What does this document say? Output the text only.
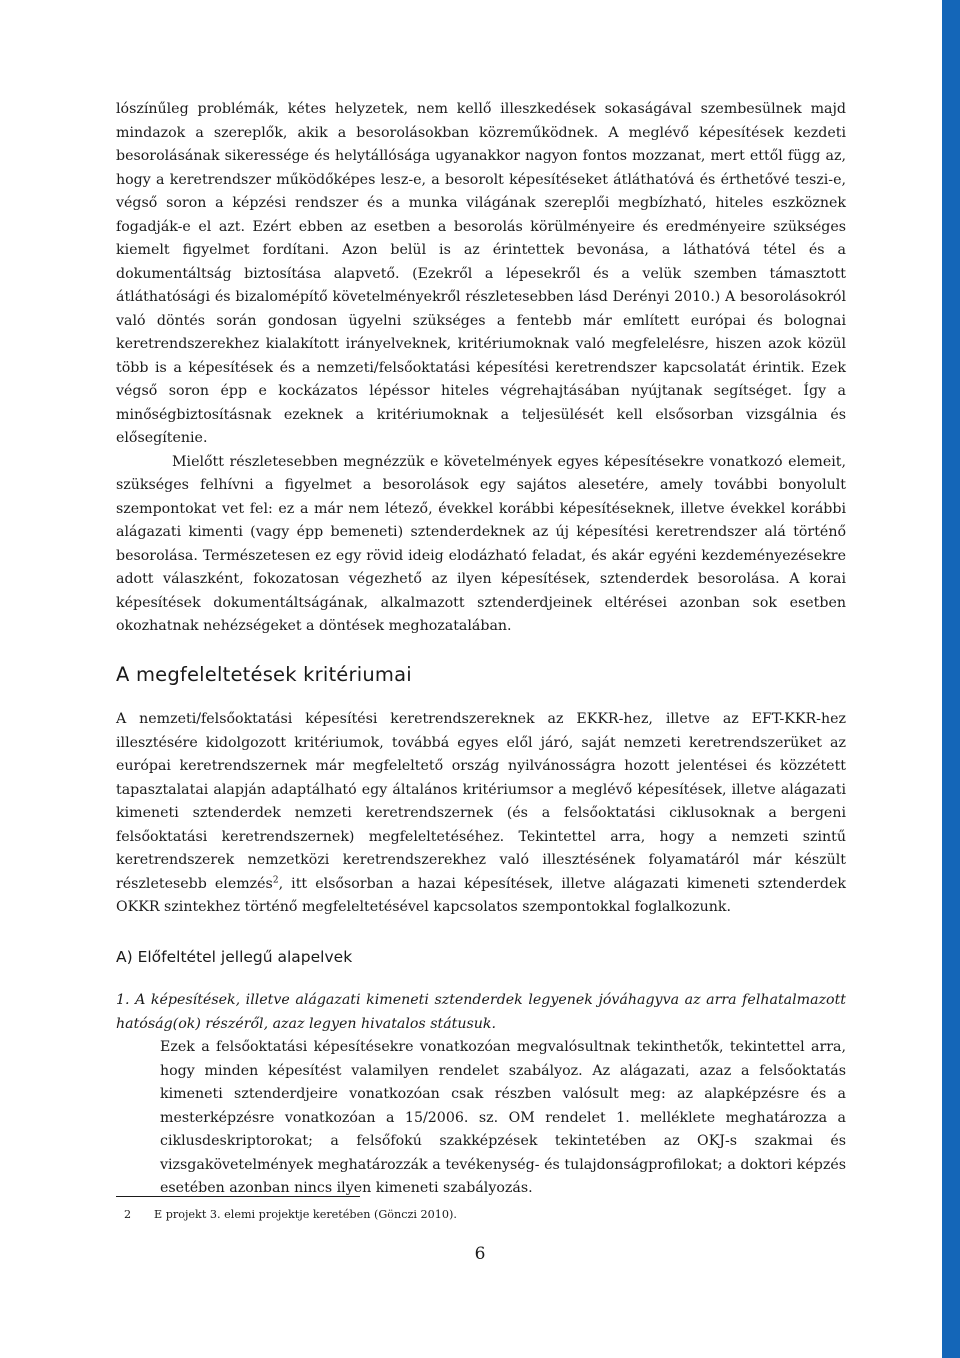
lószínűleg problémák, kétes helyzetek, nem kellő illeszkedések sokaságával szembesülnek majd mindazok a szereplők, akik a besorolásokban közreműködnek. A meglévő képesítések kezdeti besorolásának sikeressége és helytállósága ugyanakkor nagyon fontos mozzanat, mert ettől függ az, hogy a keretrendszer működőképes lesz-e, a besorolt képesítéseket átláthatóvá és érthetővé teszi-e, végső soron a képzési rendszer és a munka világának szereplői megbízható, hiteles eszköznek fogadják-e el azt. Ezért ebben az esetben a besorolás körülményeire és eredményeire szükséges kiemelt figyelmet fordítani. Azon belül is az érintettek bevonása, a láthatóvá tétel és a dokumentáltság biztosítása alapvető. (Ezekről a lépesekről és a velük szemben támasztott átláthatósági és bizalomépítő követelményekről részletesebben lásd Derényi 2010.) A besorolásokról való döntés során gondosan ügyelni szükséges a fentebb már említett európai és bolognai keretrendszerekhez kialakított irányelveknek, kritériumoknak való megfelelésre, hiszen azok közül több is a képesítések és a nemzeti/felsőoktatási képesítési keretrendszer kapcsolatát érintik. Ezek végső soron épp e kockázatos lépéssor hiteles végrehajtásában nyújtanak segítséget. Így a minőségbiztosításnak ezeknek a kritériumoknak a teljesülését kell elsősorban vizsgálnia és elősegítenie.

Mielőtt részletesebben megnézzük e követelmények egyes képesítésekre vonatkozó elemeit, szükséges felhívni a figyelmet a besorolások egy sajátos alesetére, amely további bonyolult szempontokat vet fel: ez a már nem létező, évekkel korábbi képesítéseknek, illetve évekkel korábbi alágazati kimenti (vagy épp bemeneti) sztenderdeknek az új képesítési keretrendszer alá történő besorolása. Természetesen ez egy rövid ideig elodázható feladat, és akár egyéni kezdeményezésekre adott válaszként, fokozatosan végezhető az ilyen képesítések, sztenderdek besorolása. A korai képesítések dokumentáltságának, alkalmazott sztenderdjeinek eltérései azonban sok esetben okozhatnak nehézségeket a döntések meghozatalában.

A megfeleltetések kritériumai

A nemzeti/felsőoktatási képesítési keretrendszereknek az EKKR-hez, illetve az EFT-KKR-hez illesztésére kidolgozott kritériumok, továbbá egyes elől járó, saját nemzeti keretrendszerüket az európai keretrendszernek már megfeleltető ország nyilvánosságra hozott jelentései és közzétett tapasztalatai alapján adaptálható egy általános kritériumsor a meglévő képesítések, illetve alágazati kimeneti sztenderdek nemzeti keretrendszernek (és a felsőoktatási ciklusoknak a bergeni felsőoktatási keretrendszernek) megfeleltetéséhez. Tekintettel arra, hogy a nemzeti szintű keretrendszerek nemzetközi keretrendszerekhez való illesztésének folyamatáról már készült részletesebb elemzés$^2$, itt elsősorban a hazai képesítések, illetve alágazati kimeneti sztenderdek OKKR szintekhez történő megfeleltetésével kapcsolatos szempontokkal foglalkozunk.

A) Előfeltétel jellegű alapelvek

1. A képesítések, illetve alágazati kimeneti sztenderdek legyenek jóváhagyva az arra felhatalmazott hatóság(ok) részéről, azaz legyen hivatalos státusuk.

Ezek a felsőoktatási képesítésekre vonatkozóan megvalósultnak tekinthetők, tekintettel arra, hogy minden képesítést valamilyen rendelet szabályoz. Az alágazati, azaz a felsőoktatás kimeneti sztenderdjeire vonatkozóan csak részben valósult meg: az alapképzésre és a mesterképzésre vonatkozóan a 15/2006. sz. OM rendelet 1. melléklete meghatározza a ciklusdeskriptorokat; a felsőfokú szakképzések tekintetében az OKJ-s szakmai és vizsgakövetelmények meghatározzák a tevékenység- és tulajdonságprofilokat; a doktori képzés esetében azonban nincs ilyen kimeneti szabályozás.

2 E projekt 3. elemi projektje keretében (Gönczi 2010).
6
